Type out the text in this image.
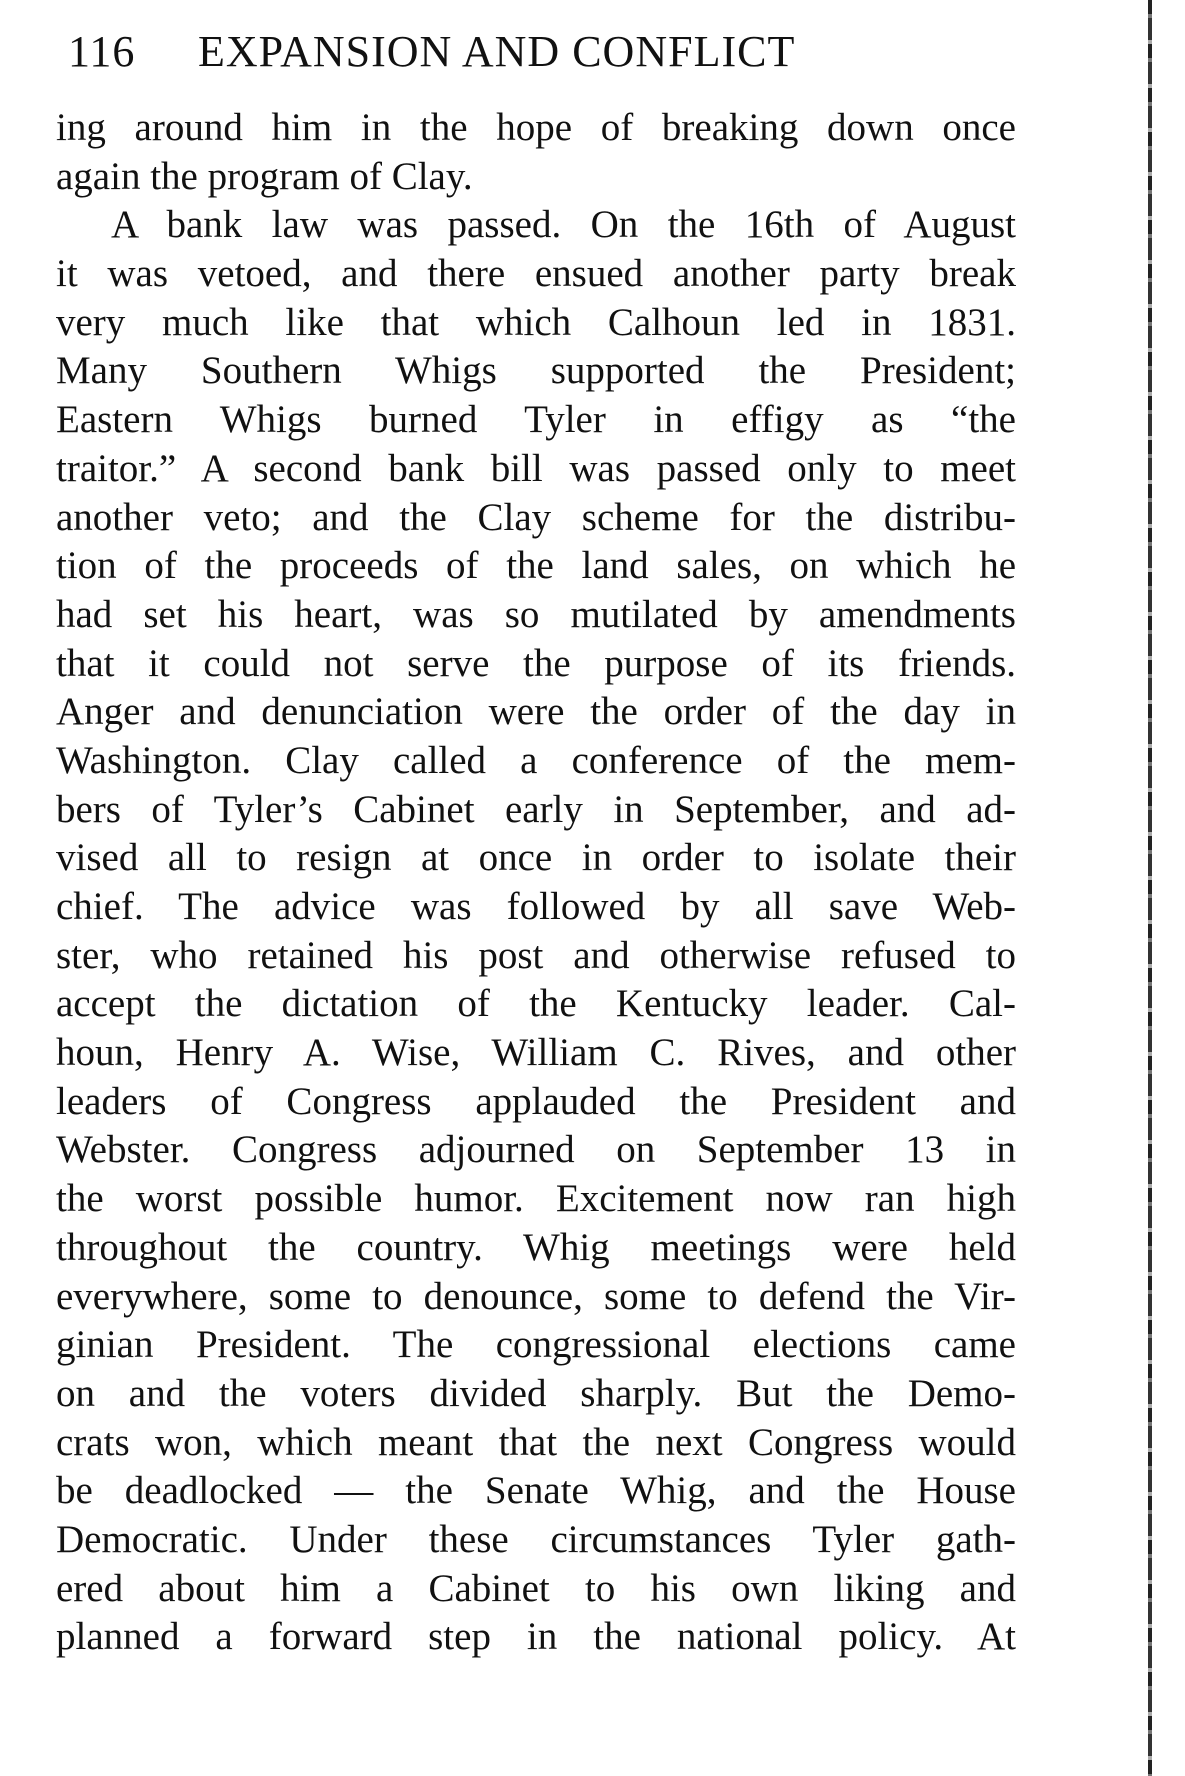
116 EXPANSION AND CONFLICT
ing around him in the hope of breaking down once
again the program of Clay.
A bank law was passed. On the 16th of August
it was vetoed, and there ensued another party break
very much like that which Calhoun led in 1831.
Many Southern Whigs supported the President;
Eastern Whigs burned Tyler in effigy as “the
traitor.” A second bank bill was passed only to meet
another veto; and the Clay scheme for the distribu-
tion of the proceeds of the land sales, on which he
had set his heart, was so mutilated by amendments
that it could not serve the purpose of its friends.
Anger and denunciation were the order of the day in
Washington. Clay called a conference of the mem-
bers of Tyler’s Cabinet early in September, and ad-
vised all to resign at once in order to isolate their
chief. The advice was followed by all save Web-
ster, who retained his post and otherwise refused to
accept the dictation of the Kentucky leader. Cal-
houn, Henry A. Wise, William C. Rives, and other
leaders of Congress applauded the President and
Webster. Congress adjourned on September 13 in
the worst possible humor. Excitement now ran high
throughout the country. Whig meetings were held
everywhere, some to denounce, some to defend the Vir-
ginian President. The congressional elections came
on and the voters divided sharply. But the Demo-
crats won, which meant that the next Congress would
be deadlocked — the Senate Whig, and the House
Democratic. Under these circumstances Tyler gath-
ered about him a Cabinet to his own liking and
planned a forward step in the national policy. At
